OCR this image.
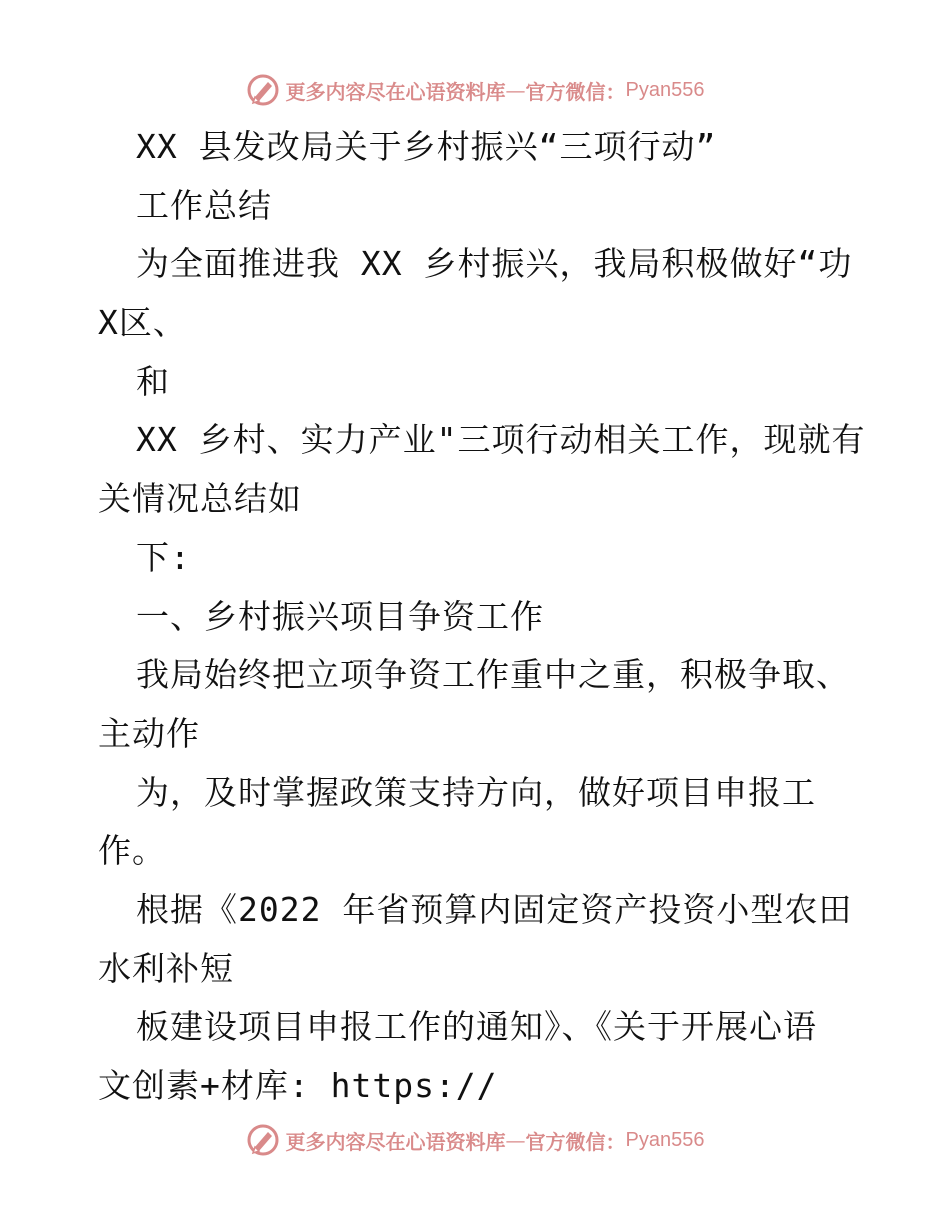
更多内容尽在心语资料库 — 官方微信： Pyan556
XX 县发改局关于乡村振兴“三项行动”
工作总结
为全面推进我 XX 乡村振兴，我局积极做好“功
X区、
和
XX 乡村、实力产业"三项行动相关工作，现就有
关情况总结如
下:
一、乡村振兴项目争资工作
我局始终把立项争资工作重中之重，积极争取、
主动作
为，及时掌握政策支持方向，做好项目申报工
作。
根据《2022 年省预算内固定资产投资小型农田
水利补短
板建设项目申报工作的通知》、《关于开展心语
文创素+材库: https://
更多内容尽在心语资料库 — 官方微信： Pyan556
